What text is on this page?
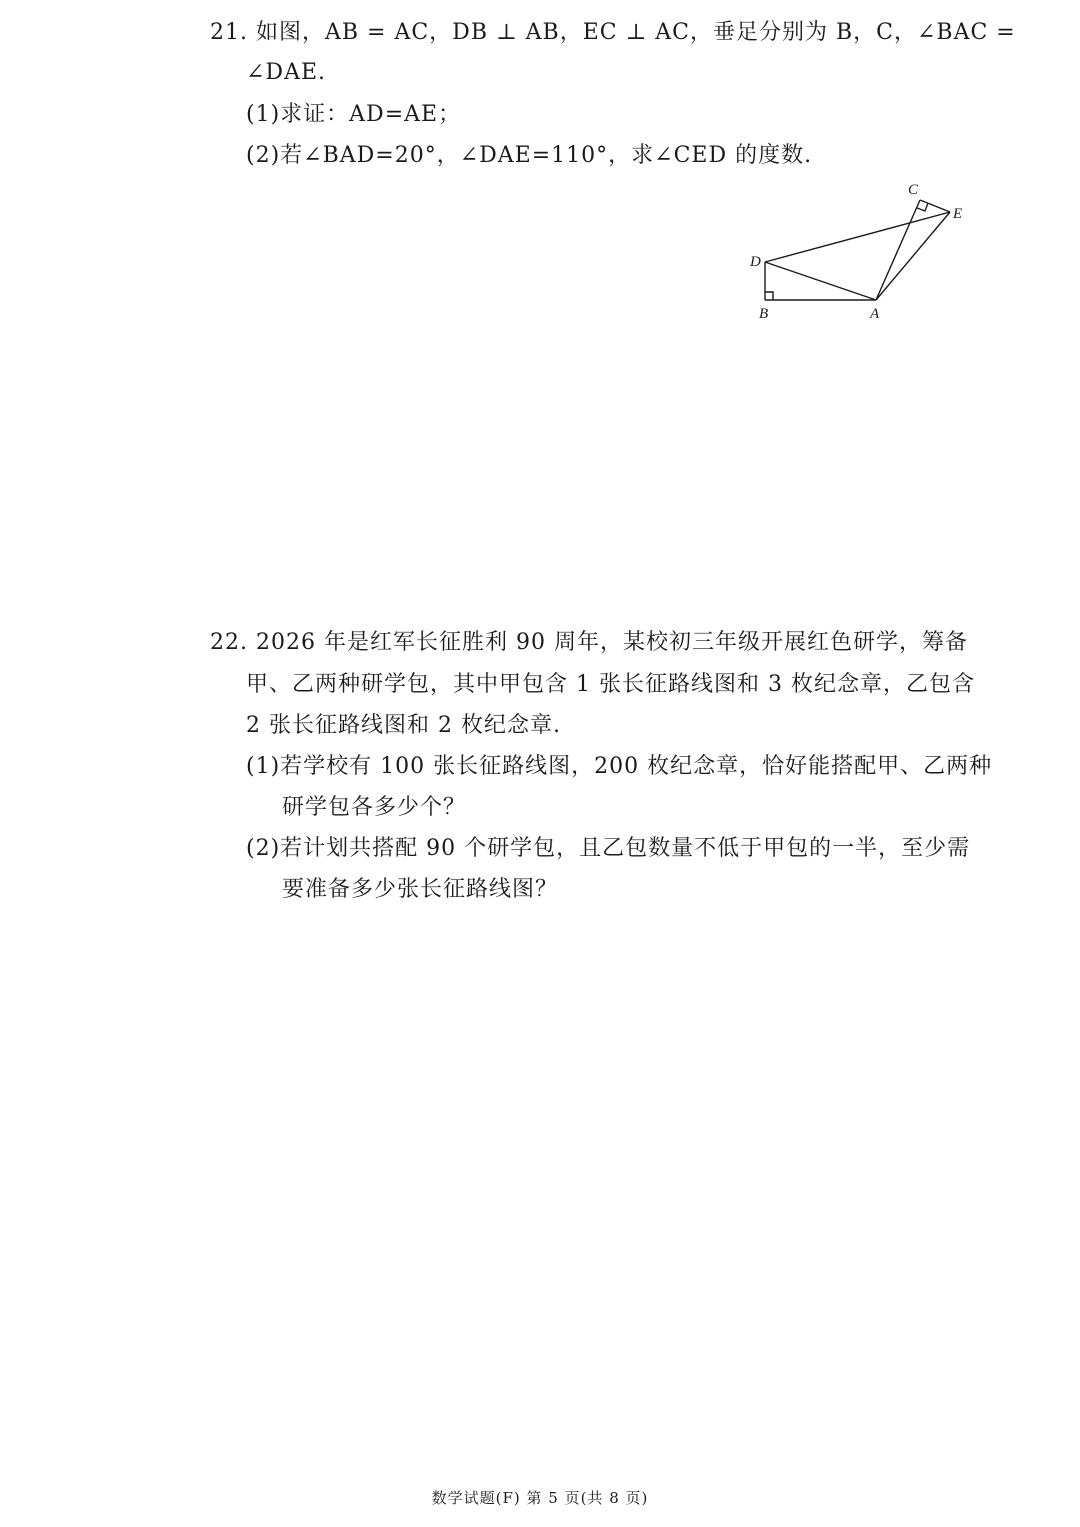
21. 如图，AB = AC，DB ⊥ AB，EC ⊥ AC，垂足分别为 B，C，∠BAC =
∠DAE.
(1)求证：AD=AE；
(2)若∠BAD=20°，∠DAE=110°，求∠CED 的度数.
C
E
D
B	A
22. 2026 年是红军长征胜利 90 周年，某校初三年级开展红色研学，筹备
甲、乙两种研学包，其中甲包含 1 张长征路线图和 3 枚纪念章，乙包含
2 张长征路线图和 2 枚纪念章.
(1)若学校有 100 张长征路线图，200 枚纪念章，恰好能搭配甲、乙两种
研学包各多少个？
(2)若计划共搭配 90 个研学包，且乙包数量不低于甲包的一半，至少需
要准备多少张长征路线图？
数学试题(F) 第 5 页(共 8 页)
